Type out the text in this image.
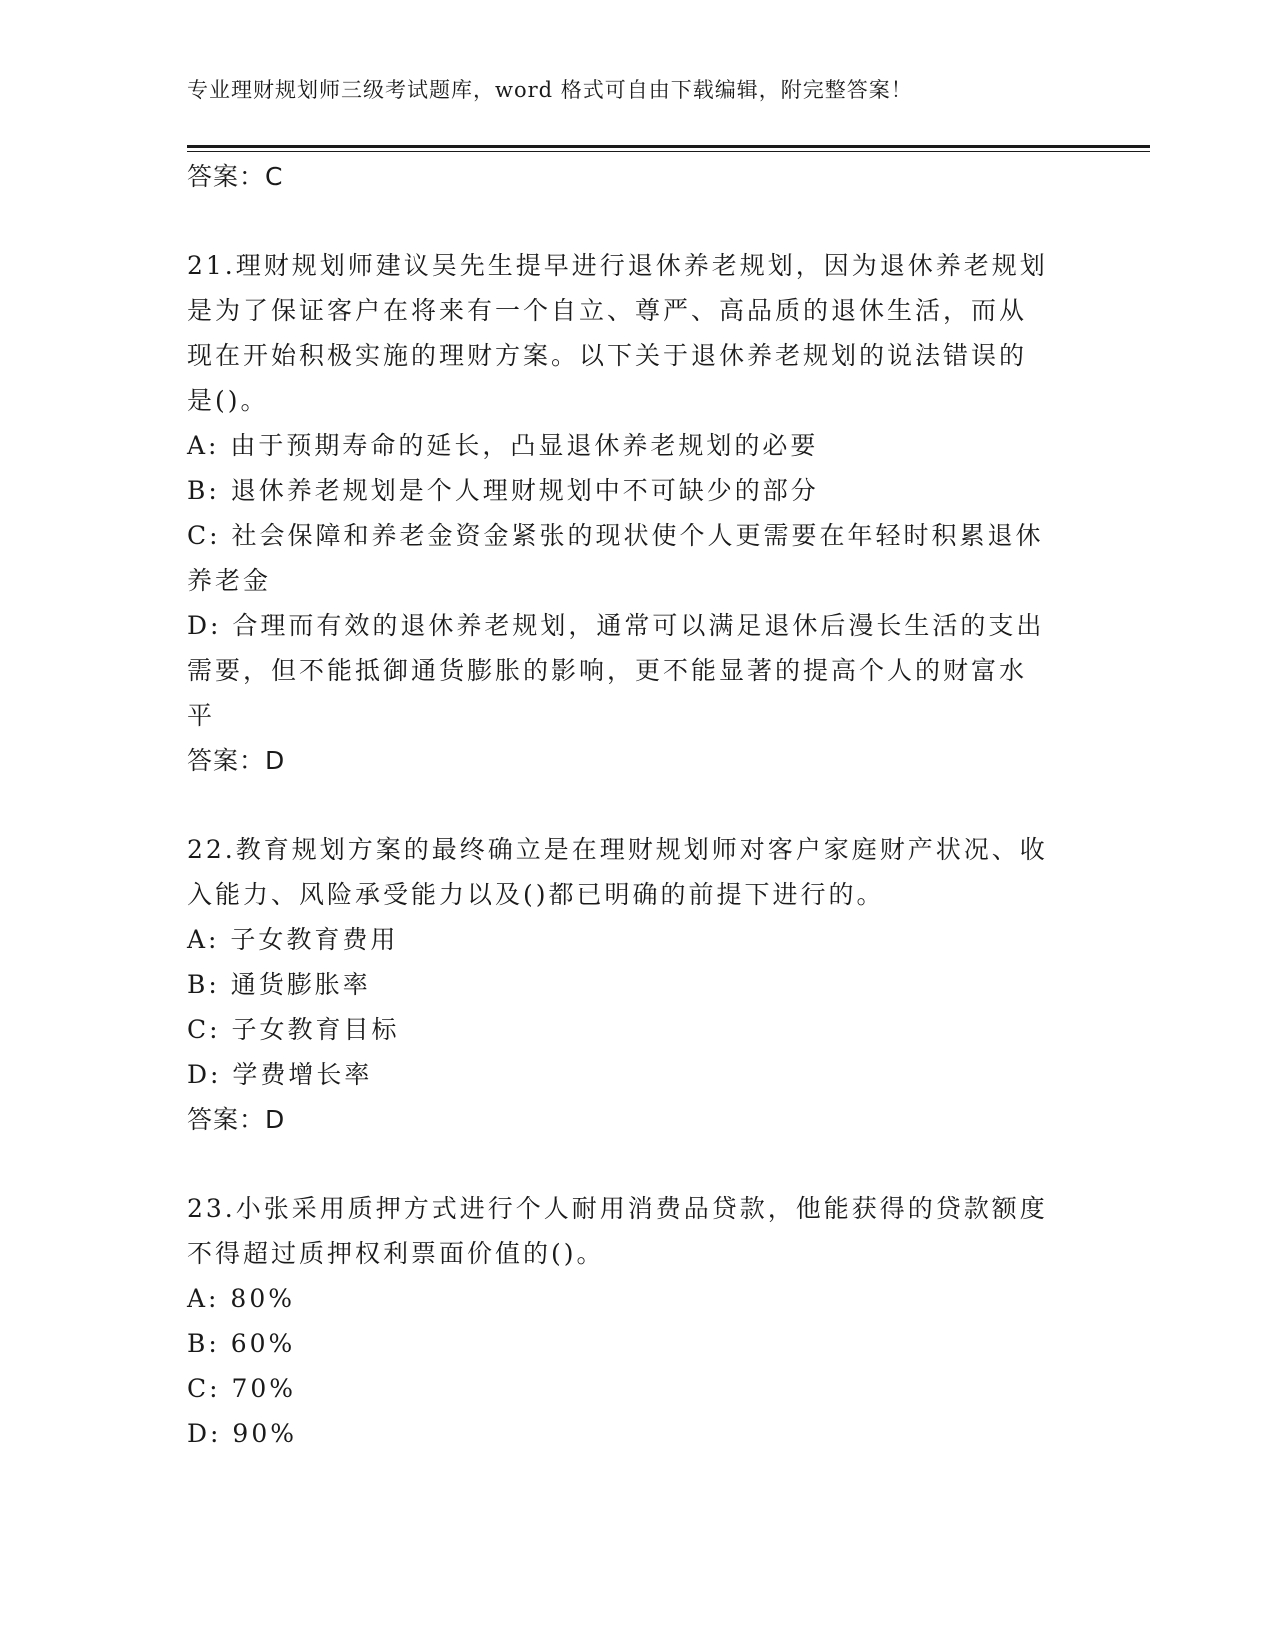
专业理财规划师三级考试题库，word 格式可自由下载编辑，附完整答案！
答案：C
21.理财规划师建议吴先生提早进行退休养老规划，因为退休养老规划
是为了保证客户在将来有一个自立、尊严、高品质的退休生活，而从
现在开始积极实施的理财方案。以下关于退休养老规划的说法错误的
是()。
A: 由于预期寿命的延长，凸显退休养老规划的必要
B: 退休养老规划是个人理财规划中不可缺少的部分
C: 社会保障和养老金资金紧张的现状使个人更需要在年轻时积累退休
养老金
D: 合理而有效的退休养老规划，通常可以满足退休后漫长生活的支出
需要，但不能抵御通货膨胀的影响，更不能显著的提高个人的财富水
平
答案：D
22.教育规划方案的最终确立是在理财规划师对客户家庭财产状况、收
入能力、风险承受能力以及()都已明确的前提下进行的。
A: 子女教育费用
B: 通货膨胀率
C: 子女教育目标
D: 学费增长率
答案：D
23.小张采用质押方式进行个人耐用消费品贷款，他能获得的贷款额度
不得超过质押权利票面价值的()。
A: 80%
B: 60%
C: 70%
D: 90%
